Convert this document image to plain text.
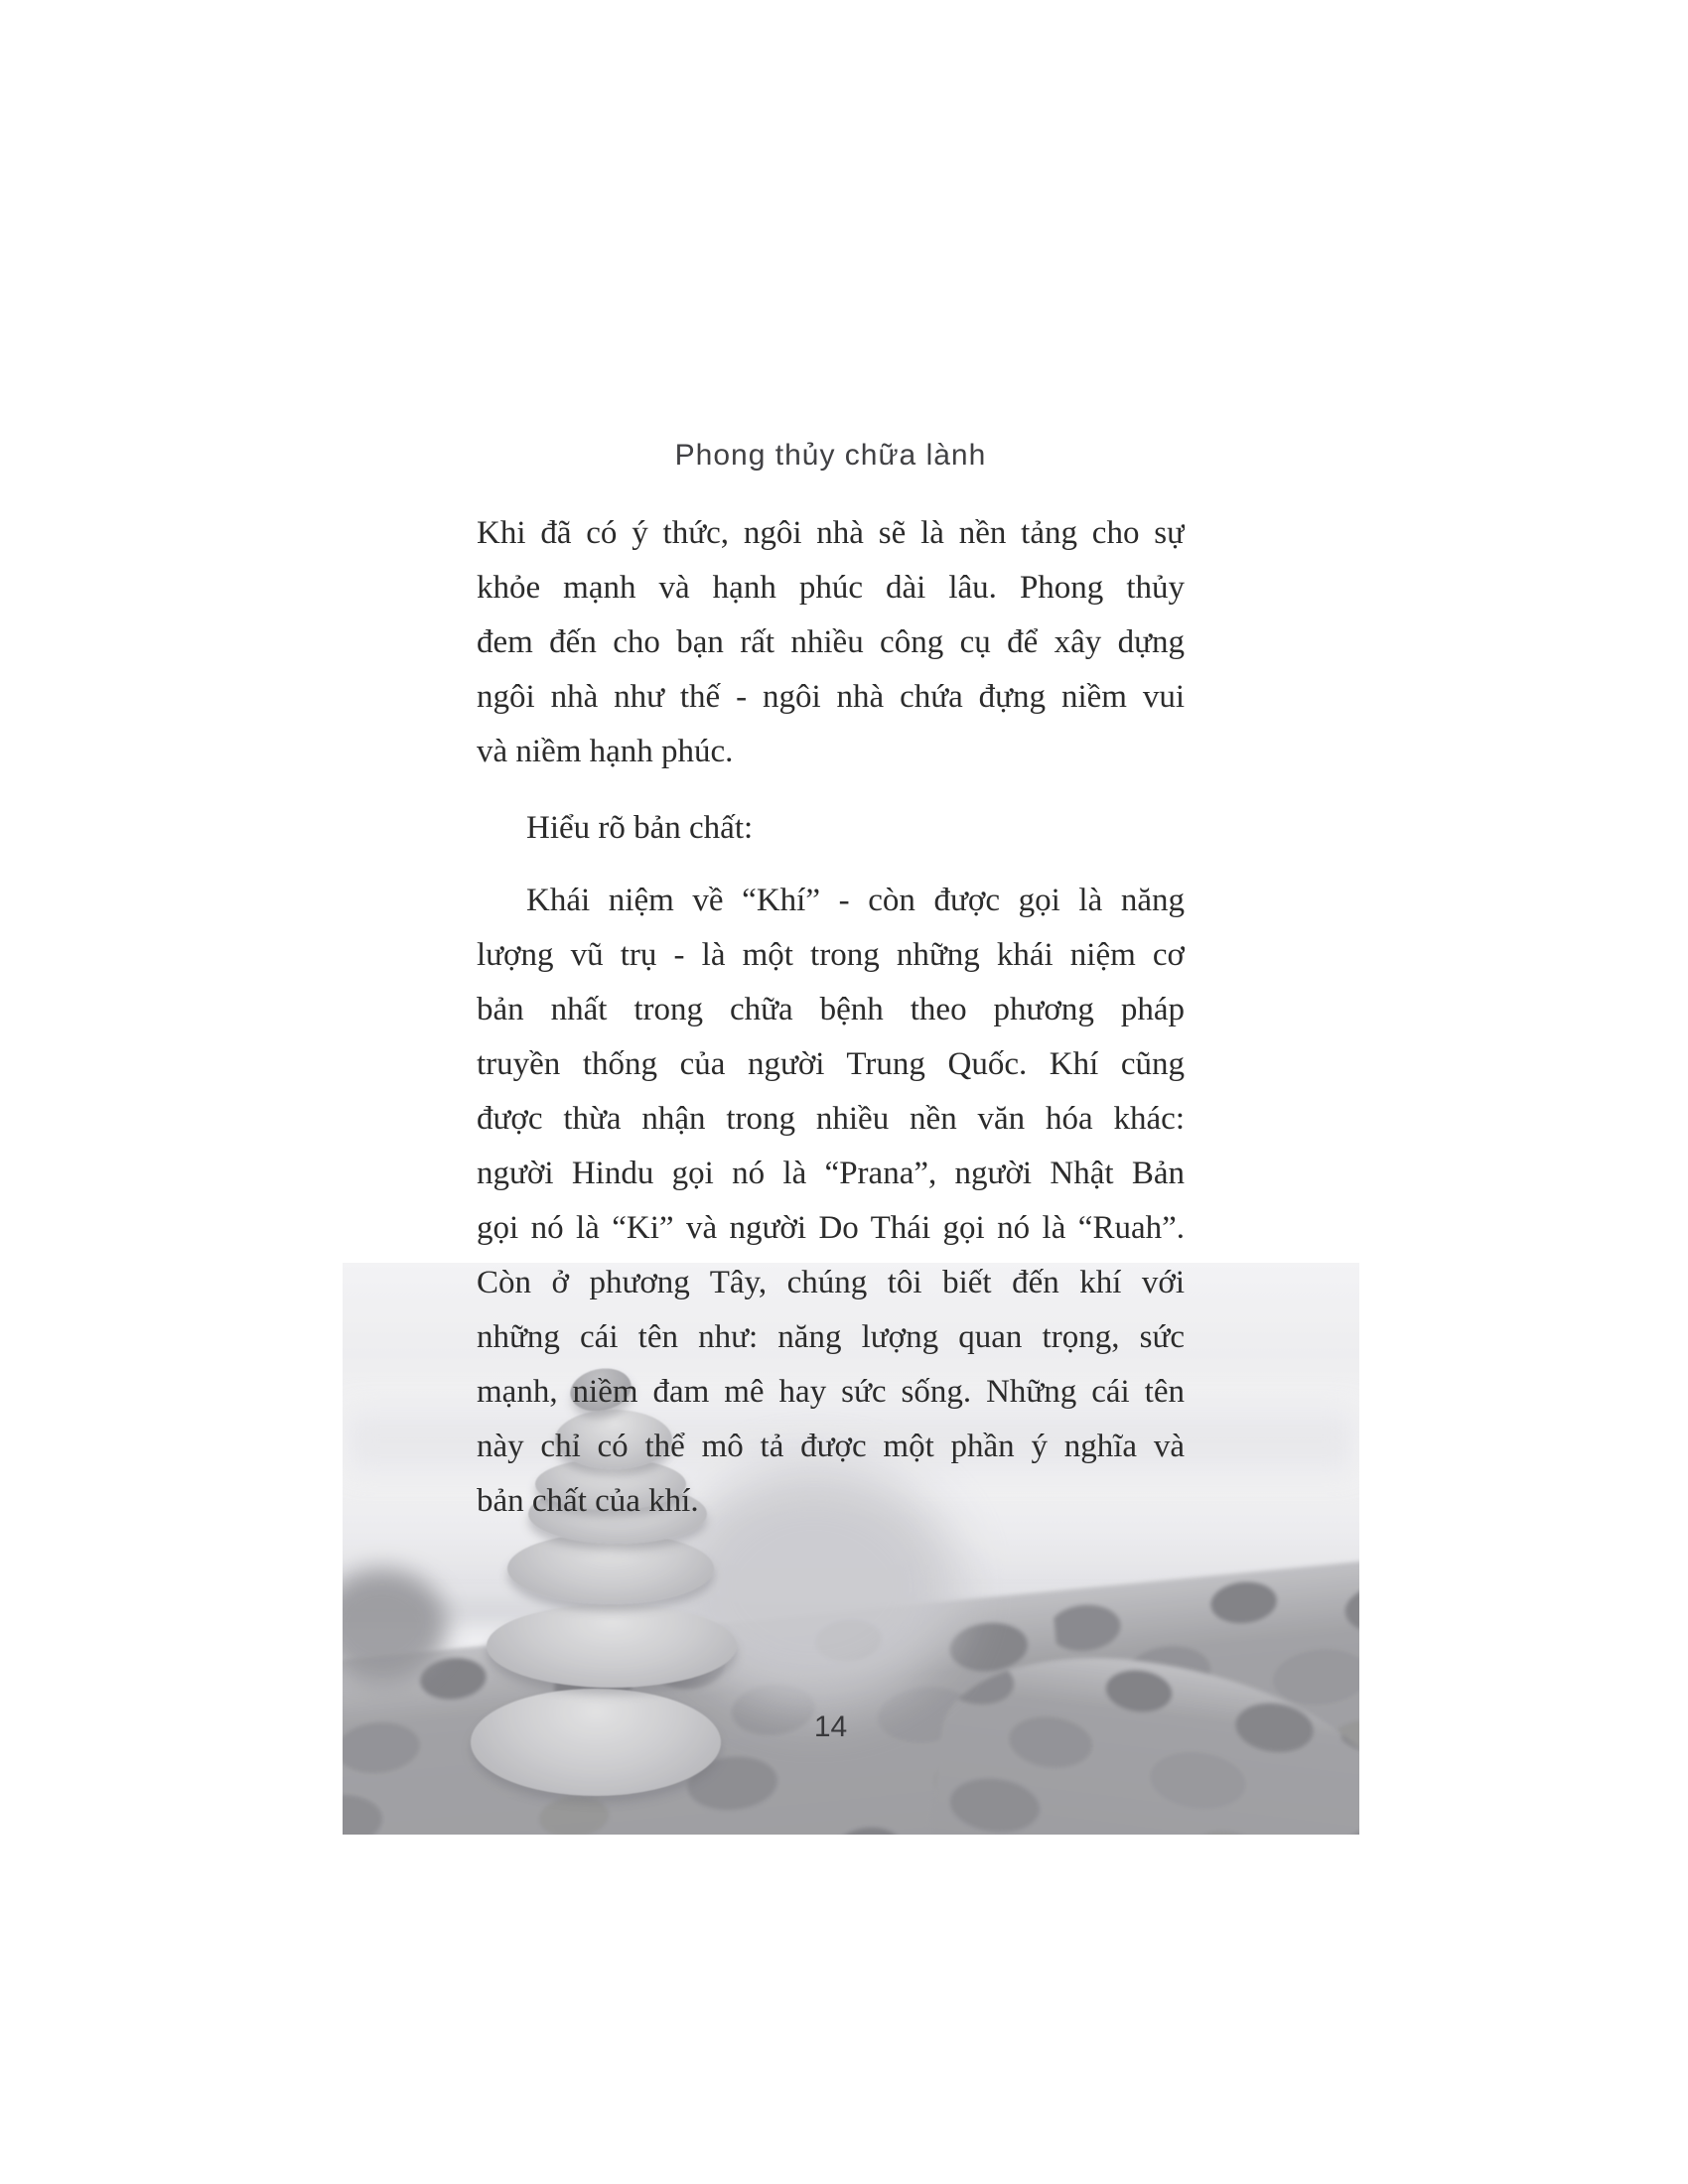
Phong thủy chữa lành
Khi đã có ý thức, ngôi nhà sẽ là nền tảng cho sự
khỏe mạnh và hạnh phúc dài lâu. Phong thủy
đem đến cho bạn rất nhiều công cụ để xây dựng
ngôi nhà như thế - ngôi nhà chứa đựng niềm vui
và niềm hạnh phúc.
Hiểu rõ bản chất:
Khái niệm về “Khí” - còn được gọi là năng
lượng vũ trụ - là một trong những khái niệm cơ
bản nhất trong chữa bệnh theo phương pháp
truyền thống của người Trung Quốc. Khí cũng
được thừa nhận trong nhiều nền văn hóa khác:
người Hindu gọi nó là “Prana”, người Nhật Bản
gọi nó là “Ki” và người Do Thái gọi nó là “Ruah”.
Còn ở phương Tây, chúng tôi biết đến khí với
những cái tên như: năng lượng quan trọng, sức
mạnh, niềm đam mê hay sức sống. Những cái tên
này chỉ có thể mô tả được một phần ý nghĩa và
bản chất của khí.
14
